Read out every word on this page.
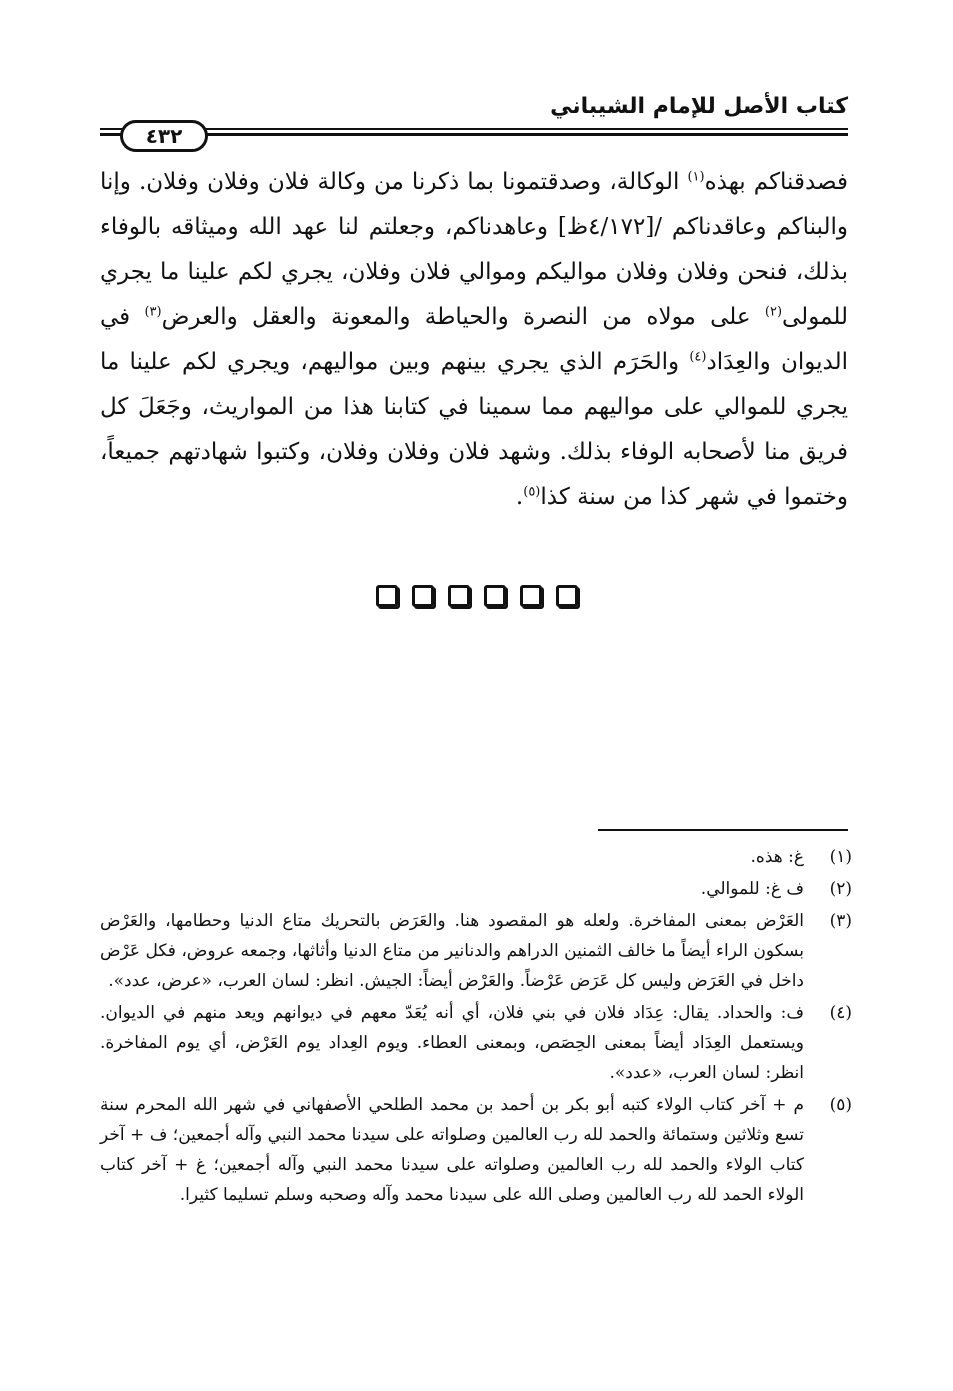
كتاب الأصل للإمام الشيباني
٤٣٢

فصدقناكم بهذه$^{(١)}$ الوكالة، وصدقتمونا بما ذكرنا من وكالة فلان وفلان وفلان. وإنا والبناكم وعاقدناكم /[٤/١٧٢ظ] وعاهدناكم، وجعلتم لنا عهد الله وميثاقه بالوفاء بذلك، فنحن وفلان وفلان مواليكم وموالي فلان وفلان، يجري لكم علينا ما يجري للمولى$^{(٢)}$ على مولاه من النصرة والحياطة والمعونة والعقل والعرض$^{(٣)}$ في الديوان والعِدَاد$^{(٤)}$ والحَرَم الذي يجري بينهم وبين مواليهم، ويجري لكم علينا ما يجري للموالي على مواليهم مما سمينا في كتابنا هذا من المواريث، وجَعَلَ كل فريق منا لأصحابه الوفاء بذلك. وشهد فلان وفلان وفلان، وكتبوا شهادتهم جميعاً، وختموا في شهر كذا من سنة كذا$^{(٥)}$.

(١)
غ: هذه.
(٢)
ف غ: للموالي.
(٣)
العَرْض بمعنى المفاخرة. ولعله هو المقصود هنا. والعَرَض بالتحريك متاع الدنيا وحطامها، والعَرْض بسكون الراء أيضاً ما خالف الثمنين الدراهم والدنانير من متاع الدنيا وأثاثها، وجمعه عروض، فكل عَرْض داخل في العَرَض وليس كل عَرَض عَرْضاً. والعَرْض أيضاً: الجيش. انظر: لسان العرب، «عرض، عدد».
(٤)
ف: والحداد. يقال: عِدَاد فلان في بني فلان، أي أنه يُعَدّ معهم في ديوانهم ويعد منهم في الديوان. ويستعمل العِدَاد أيضاً بمعنى الحِصَص، وبمعنى العطاء. ويوم العِداد يوم العَرْض، أي يوم المفاخرة. انظر: لسان العرب، «عدد».
(٥)
م + آخر كتاب الولاء كتبه أبو بكر بن أحمد بن محمد الطلحي الأصفهاني في شهر الله المحرم سنة تسع وثلاثين وستمائة والحمد لله رب العالمين وصلواته على سيدنا محمد النبي وآله أجمعين؛ ف + آخر كتاب الولاء والحمد لله رب العالمين وصلواته على سيدنا محمد النبي وآله أجمعين؛ غ + آخر كتاب الولاء الحمد لله رب العالمين وصلى الله على سيدنا محمد وآله وصحبه وسلم تسليما كثيرا.
